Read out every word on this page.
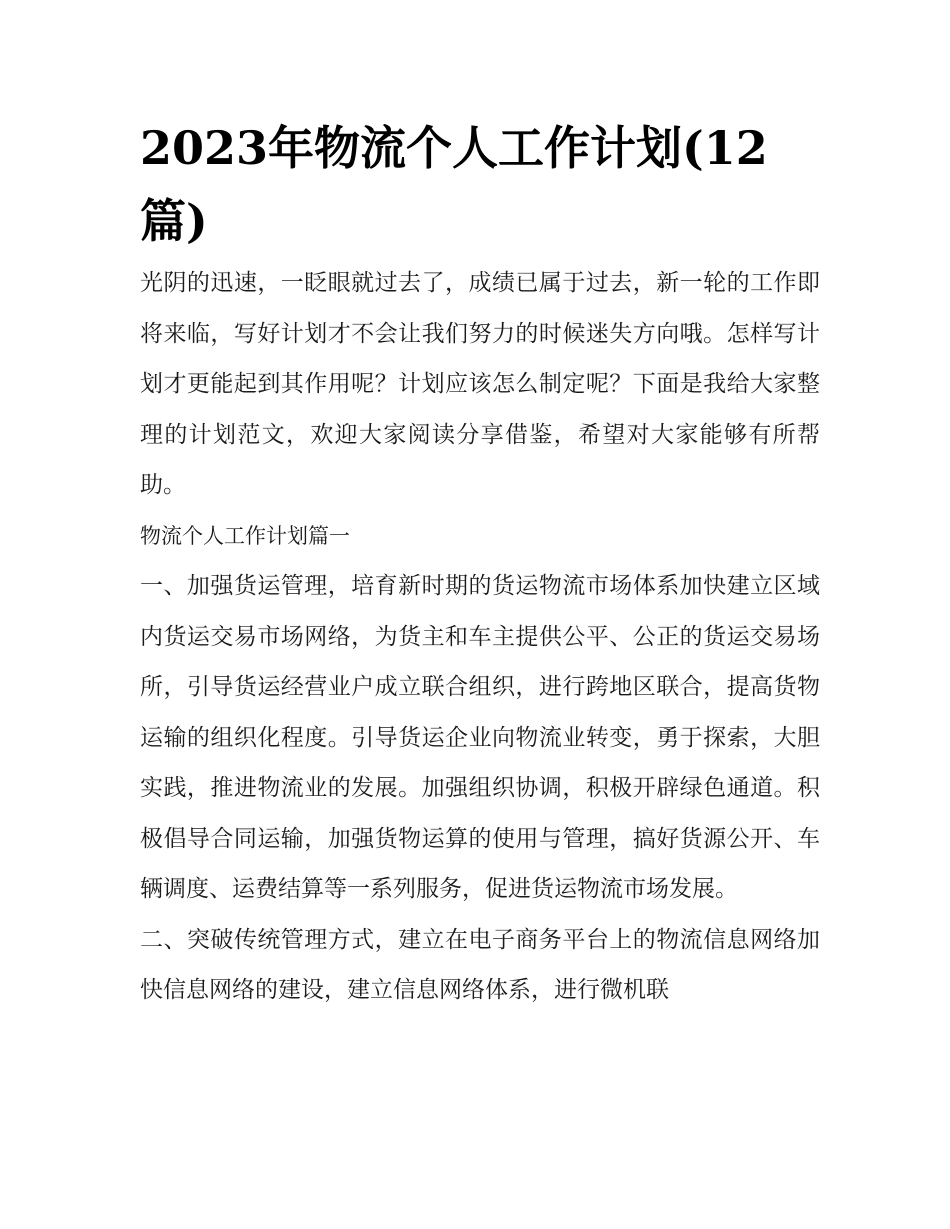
2023年物流个人工作计划(12篇)

光阴的迅速，一眨眼就过去了，成绩已属于过去，新一轮的工作即将来临，写好计划才不会让我们努力的时候迷失方向哦。怎样写计划才更能起到其作用呢？计划应该怎么制定呢？下面是我给大家整理的计划范文，欢迎大家阅读分享借鉴，希望对大家能够有所帮助。

物流个人工作计划篇一

一、加强货运管理，培育新时期的货运物流市场体系加快建立区域内货运交易市场网络，为货主和车主提供公平、公正的货运交易场所，引导货运经营业户成立联合组织，进行跨地区联合，提高货物运输的组织化程度。引导货运企业向物流业转变，勇于探索，大胆实践，推进物流业的发展。加强组织协调，积极开辟绿色通道。积极倡导合同运输，加强货物运算的使用与管理，搞好货源公开、车辆调度、运费结算等一系列服务，促进货运物流市场发展。

二、突破传统管理方式，建立在电子商务平台上的物流信息网络加快信息网络的建设，建立信息网络体系，进行微机联
